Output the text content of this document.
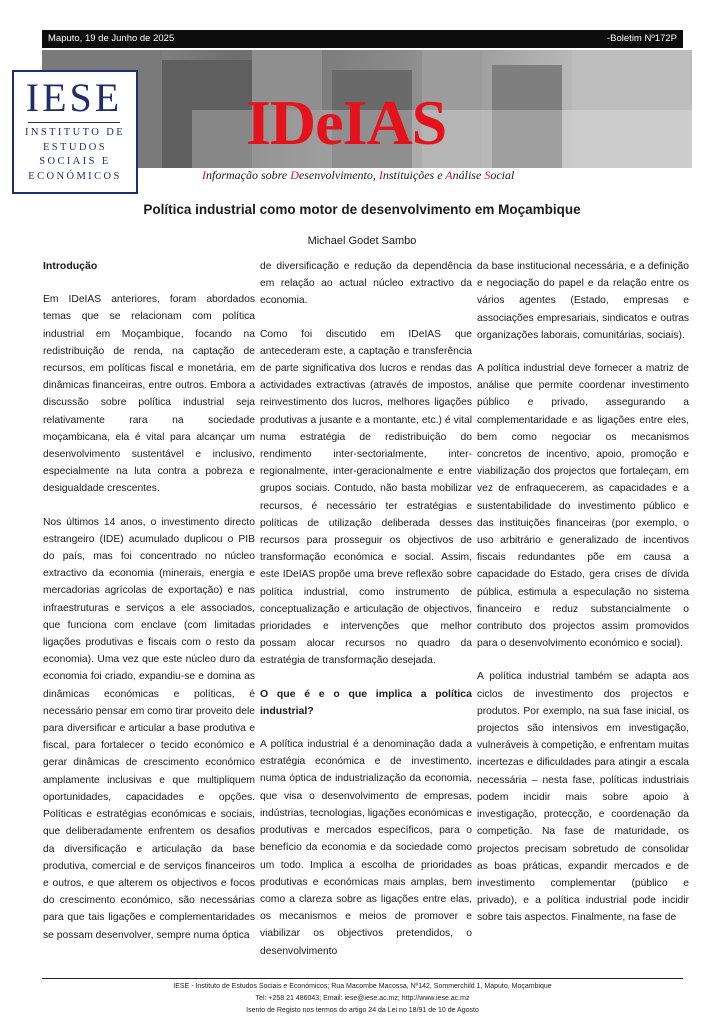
Maputo, 19 de Junho de 2025	-Boletim Nº172P
IESE
INSTITUTO DE
ESTUDOS
SOCIAIS E
ECONÓMICOS
IDeIAS
Informação sobre Desenvolvimento, Instituições e Análise Social
Política industrial como motor de desenvolvimento em Moçambique
Michael Godet Sambo
Introdução

Em IDeIAS anteriores, foram abordados temas que se relacionam com política industrial em Moçambique, focando na redistribuição de renda, na captação de recursos, em políticas fiscal e monetária, em dinâmicas financeiras, entre outros. Embora a discussão sobre política industrial seja relativamente rara na sociedade moçambicana, ela é vital para alcançar um desenvolvimento sustentável e inclusivo, especialmente na luta contra a pobreza e desigualdade crescentes.

Nos últimos 14 anos, o investimento directo estrangeiro (IDE) acumulado duplicou o PIB do país, mas foi concentrado no núcleo extractivo da economia (minerais, energia e mercadorias agrícolas de exportação) e nas infraestruturas e serviços a ele associados, que funciona com enclave (com limitadas ligações produtivas e fiscais com o resto da economia). Uma vez que este núcleo duro da economia foi criado, expandiu-se e domina as dinâmicas económicas e políticas, é necessário pensar em como tirar proveito dele para diversificar e articular a base produtiva e fiscal, para fortalecer o tecido económico e gerar dinâmicas de crescimento económico amplamente inclusivas e que multipliquem oportunidades, capacidades e opções. Políticas e estratégias económicas e sociais, que deliberadamente enfrentem os desafios da diversificação e articulação da base produtiva, comercial e de serviços financeiros e outros, e que alterem os objectivos e focos do crescimento económico, são necessárias para que tais ligações e complementaridades se possam desenvolver, sempre numa óptica

de diversificação e redução da dependência em relação ao actual núcleo extractivo da economia.

Como foi discutido em IDeIAS que antecederam este, a captação e transferência de parte significativa dos lucros e rendas das actividades extractivas (através de impostos, reinvestimento dos lucros, melhores ligações produtivas a jusante e a montante, etc.) é vital numa estratégia de redistribuição do rendimento inter-sectorialmente, inter-regionalmente, inter-geracionalmente e entre grupos sociais. Contudo, não basta mobilizar recursos, é necessário ter estratégias e políticas de utilização deliberada desses recursos para prosseguir os objectivos de transformação económica e social. Assim, este IDeIAS propõe uma breve reflexão sobre política industrial, como instrumento de conceptualização e articulação de objectivos, prioridades e intervenções que melhor possam alocar recursos no quadro da estratégia de transformação desejada.

O que é e o que implica a política industrial?

A política industrial é a denominação dada a estratégia económica e de investimento, numa óptica de industrialização da economia, que visa o desenvolvimento de empresas, indústrias, tecnologias, ligações económicas e produtivas e mercados específicos, para o benefício da economia e da sociedade como um todo. Implica a escolha de prioridades produtivas e económicas mais amplas, bem como a clareza sobre as ligações entre elas, os mecanismos e meios de promover e viabilizar os objectivos pretendidos, o desenvolvimento

da base institucional necessária, e a definição e negociação do papel e da relação entre os vários agentes (Estado, empresas e associações empresariais, sindicatos e outras organizações laborais, comunitárias, sociais).

A política industrial deve fornecer a matriz de análise que permite coordenar investimento público e privado, assegurando a complementaridade e as ligações entre eles, bem como negociar os mecanismos concretos de incentivo, apoio, promoção e viabilização dos projectos que fortaleçam, em vez de enfraquecerem, as capacidades e a sustentabilidade do investimento público e das instituições financeiras (por exemplo, o uso arbitrário e generalizado de incentivos fiscais redundantes põe em causa a capacidade do Estado, gera crises de dívida pública, estimula a especulação no sistema financeiro e reduz substancialmente o contributo dos projectos assim promovidos para o desenvolvimento económico e social).

A política industrial também se adapta aos ciclos de investimento dos projectos e produtos. Por exemplo, na sua fase inicial, os projectos são intensivos em investigação, vulneráveis à competição, e enfrentam muitas incertezas e dificuldades para atingir a escala necessária – nesta fase, políticas industriais podem incidir mais sobre apoio à investigação, protecção, e coordenação da competição. Na fase de maturidade, os projectos precisam sobretudo de consolidar as boas práticas, expandir mercados e de investimento complementar (público e privado), e a política industrial pode incidir sobre tais aspectos. Finalmente, na fase de

IESE - Instituto de Estudos Sociais e Económicos; Rua Macombe Macossa, Nº142, Sommerchild 1, Maputo, Moçambique
Tel: +258 21 486043; Email: iese@iese.ac.mz; http://www.iese.ac.mz
Isento de Registo nos termos do artigo 24 da Lei no 18/91 de 10 de Agosto
